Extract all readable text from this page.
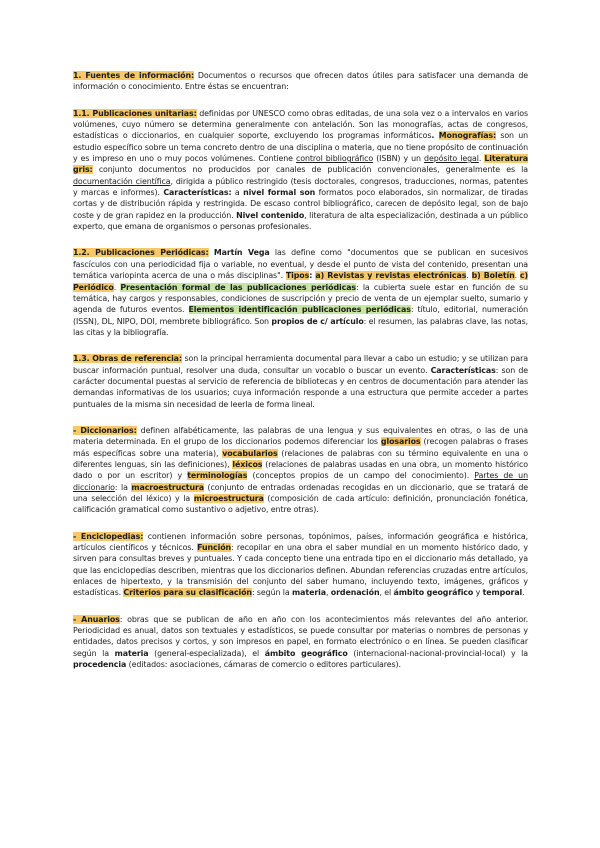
1. Fuentes de información: Documentos o recursos que ofrecen datos útiles para satisfacer una demanda de información o conocimiento. Entre éstas se encuentran:

1.1. Publicaciones unitarias: definidas por UNESCO como obras editadas, de una sola vez o a intervalos en varios volúmenes, cuyo número se determina generalmente con antelación. Son las monografías, actas de congresos, estadísticas o diccionarios, en cualquier soporte, excluyendo los programas informáticos. Monografías: son un estudio específico sobre un tema concreto dentro de una disciplina o materia, que no tiene propósito de continuación y es impreso en uno o muy pocos volúmenes. Contiene control bibliográfico (ISBN) y un depósito legal. Literatura gris: conjunto documentos no producidos por canales de publicación convencionales, generalmente es la documentación científica, dirigida a público restringido (tesis doctorales, congresos, traducciones, normas, patentes y marcas e informes). Características: a nivel formal son formatos poco elaborados, sin normalizar, de tiradas cortas y de distribución rápida y restringida. De escaso control bibliográfico, carecen de depósito legal, son de bajo coste y de gran rapidez en la producción. Nivel contenido, literatura de alta especialización, destinada a un público experto, que emana de organismos o personas profesionales.

1.2. Publicaciones Periódicas: Martín Vega las define como "documentos que se publican en sucesivos fascículos con una periodicidad fija o variable, no eventual, y desde el punto de vista del contenido, presentan una temática variopinta acerca de una o más disciplinas". Tipos: a) Revistas y revistas electrónicas. b) Boletín. c) Periódico. Presentación formal de las publicaciones periódicas: la cubierta suele estar en función de su temática, hay cargos y responsables, condiciones de suscripción y precio de venta de un ejemplar suelto, sumario y agenda de futuros eventos. Elementos identificación publicaciones periódicas: título, editorial, numeración (ISSN), DL, NIPO, DOI, membrete bibliográfico. Son propios de c/ artículo: el resumen, las palabras clave, las notas, las citas y la bibliografía.

1.3. Obras de referencia: son la principal herramienta documental para llevar a cabo un estudio; y se utilizan para buscar información puntual, resolver una duda, consultar un vocablo o buscar un evento. Características: son de carácter documental puestas al servicio de referencia de bibliotecas y en centros de documentación para atender las demandas informativas de los usuarios; cuya información responde a una estructura que permite acceder a partes puntuales de la misma sin necesidad de leerla de forma lineal.

- Diccionarios: definen alfabéticamente, las palabras de una lengua y sus equivalentes en otras, o las de una materia determinada. En el grupo de los diccionarios podemos diferenciar los glosarios (recogen palabras o frases más específicas sobre una materia), vocabularios (relaciones de palabras con su término equivalente en una o diferentes lenguas, sin las definiciones), léxicos (relaciones de palabras usadas en una obra, un momento histórico dado o por un escritor) y terminologías (conceptos propios de un campo del conocimiento). Partes de un diccionario: la macroestructura (conjunto de entradas ordenadas recogidas en un diccionario, que se tratará de una selección del léxico) y la microestructura (composición de cada artículo: definición, pronunciación fonética, calificación gramatical como sustantivo o adjetivo, entre otras).

- Enciclopedias: contienen información sobre personas, topónimos, países, información geográfica e histórica, artículos científicos y técnicos. Función: recopilar en una obra el saber mundial en un momento histórico dado, y sirven para consultas breves y puntuales. Y cada concepto tiene una entrada tipo en el diccionario más detallado, ya que las enciclopedias describen, mientras que los diccionarios definen. Abundan referencias cruzadas entre artículos, enlaces de hipertexto, y la transmisión del conjunto del saber humano, incluyendo texto, imágenes, gráficos y estadísticas. Criterios para su clasificación: según la materia, ordenación, el ámbito geográfico y temporal.

- Anuarios: obras que se publican de año en año con los acontecimientos más relevantes del año anterior. Periodicidad es anual, datos son textuales y estadísticos, se puede consultar por materias o nombres de personas y entidades, datos precisos y cortos, y son impresos en papel, en formato electrónico o en línea. Se pueden clasificar según la materia (general-especializada), el ámbito geográfico (internacional-nacional-provincial-local) y la procedencia (editados: asociaciones, cámaras de comercio o editores particulares).
